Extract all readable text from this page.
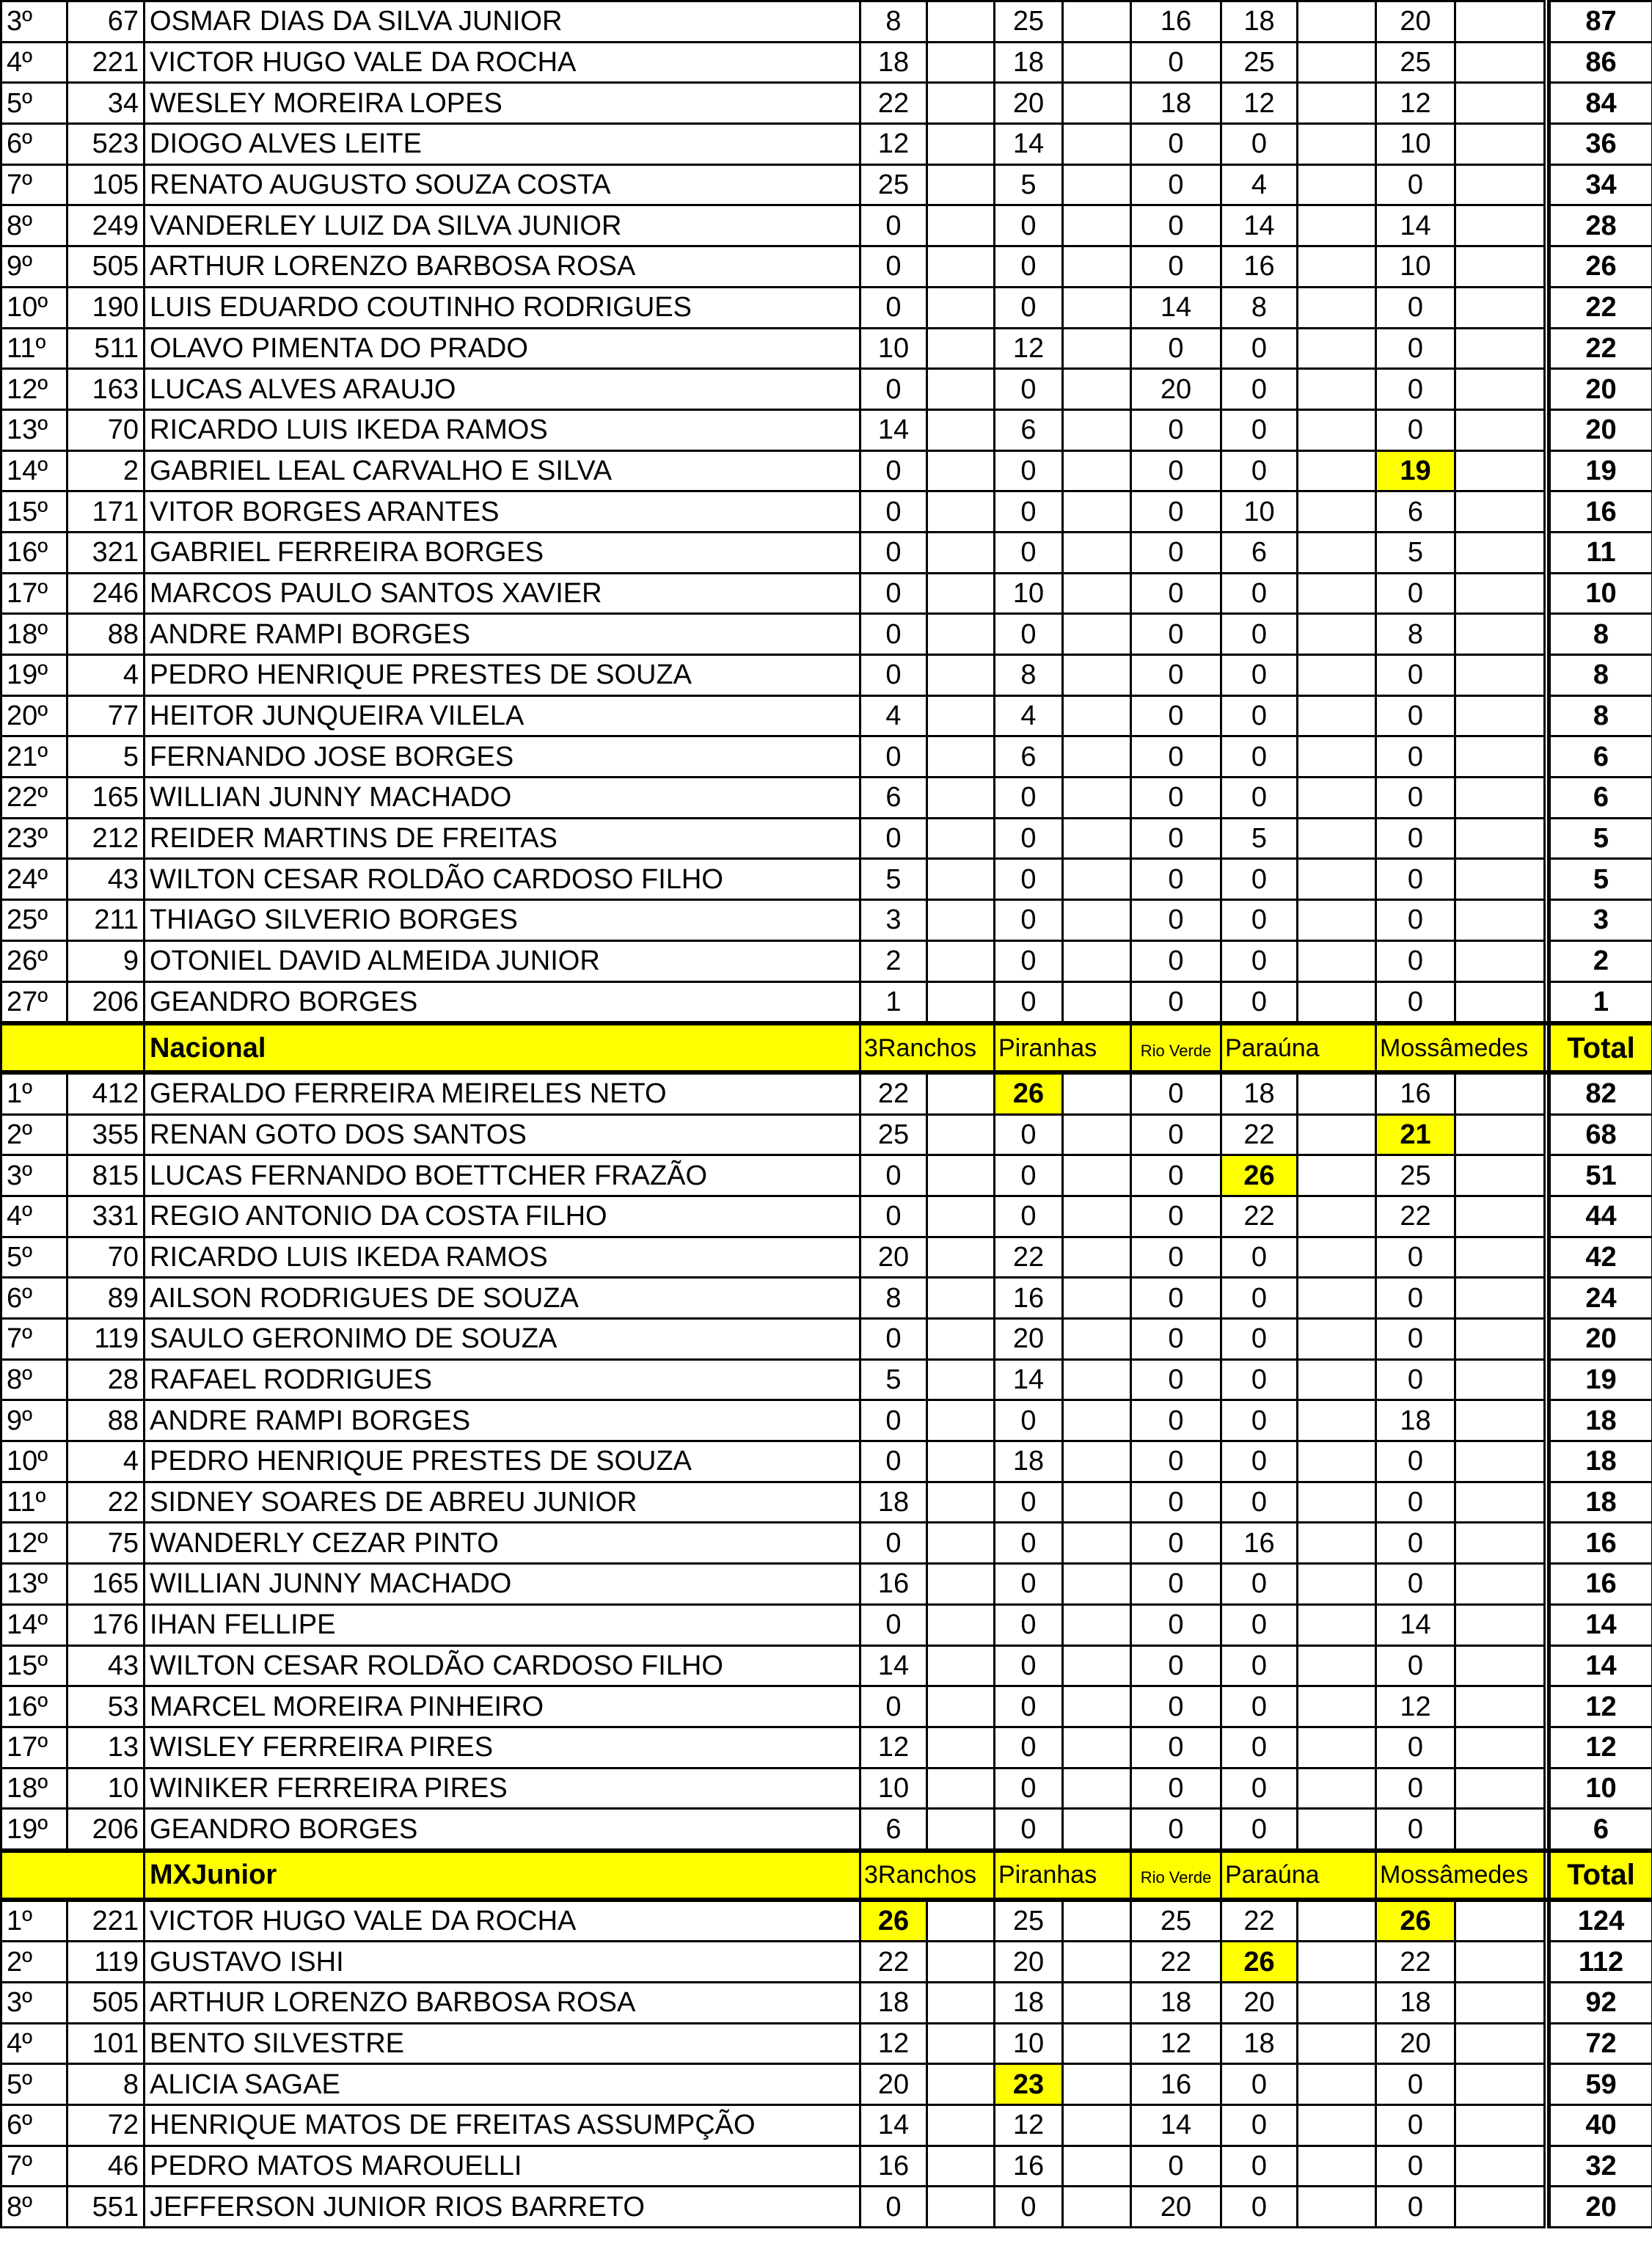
3º	67	OSMAR DIAS DA SILVA JUNIOR	8		25		16	18		20			87
4º	221	VICTOR HUGO VALE DA ROCHA	18		18		0	25		25			86
5º	34	WESLEY MOREIRA LOPES	22		20		18	12		12			84
6º	523	DIOGO ALVES LEITE	12		14		0	0		10			36
7º	105	RENATO AUGUSTO SOUZA COSTA	25		5		0	4		0			34
8º	249	VANDERLEY LUIZ DA SILVA JUNIOR	0		0		0	14		14			28
9º	505	ARTHUR LORENZO BARBOSA ROSA	0		0		0	16		10			26
10º	190	LUIS EDUARDO COUTINHO RODRIGUES	0		0		14	8		0			22
11º	511	OLAVO PIMENTA DO PRADO	10		12		0	0		0			22
12º	163	LUCAS ALVES ARAUJO	0		0		20	0		0			20
13º	70	RICARDO LUIS IKEDA RAMOS	14		6		0	0		0			20
14º	2	GABRIEL LEAL CARVALHO E SILVA	0		0		0	0		19			19
15º	171	VITOR BORGES ARANTES	0		0		0	10		6			16
16º	321	GABRIEL FERREIRA BORGES	0		0		0	6		5			11
17º	246	MARCOS PAULO SANTOS XAVIER	0		10		0	0		0			10
18º	88	ANDRE RAMPI BORGES	0		0		0	0		8			8
19º	4	PEDRO HENRIQUE PRESTES DE SOUZA	0		8		0	0		0			8
20º	77	HEITOR JUNQUEIRA VILELA	4		4		0	0		0			8
21º	5	FERNANDO JOSE BORGES	0		6		0	0		0			6
22º	165	WILLIAN JUNNY MACHADO	6		0		0	0		0			6
23º	212	REIDER MARTINS DE FREITAS	0		0		0	5		0			5
24º	43	WILTON CESAR ROLDÃO CARDOSO FILHO	5		0		0	0		0			5
25º	211	THIAGO SILVERIO BORGES	3		0		0	0		0			3
26º	9	OTONIEL DAVID ALMEIDA JUNIOR	2		0		0	0		0			2
27º	206	GEANDRO BORGES	1		0		0	0		0			1
		Nacional	3Ranchos		Piranhas		Rio Verde	Paraúna		Mossâmedes			Total
1º	412	GERALDO FERREIRA MEIRELES NETO	22		26		0	18		16			82
2º	355	RENAN GOTO DOS SANTOS	25		0		0	22		21			68
3º	815	LUCAS FERNANDO BOETTCHER FRAZÃO	0		0		0	26		25			51
4º	331	REGIO ANTONIO DA COSTA FILHO	0		0		0	22		22			44
5º	70	RICARDO LUIS IKEDA RAMOS	20		22		0	0		0			42
6º	89	AILSON RODRIGUES DE SOUZA	8		16		0	0		0			24
7º	119	SAULO GERONIMO DE SOUZA	0		20		0	0		0			20
8º	28	RAFAEL RODRIGUES	5		14		0	0		0			19
9º	88	ANDRE RAMPI BORGES	0		0		0	0		18			18
10º	4	PEDRO HENRIQUE PRESTES DE SOUZA	0		18		0	0		0			18
11º	22	SIDNEY SOARES DE ABREU JUNIOR	18		0		0	0		0			18
12º	75	WANDERLY CEZAR PINTO	0		0		0	16		0			16
13º	165	WILLIAN JUNNY MACHADO	16		0		0	0		0			16
14º	176	IHAN FELLIPE	0		0		0	0		14			14
15º	43	WILTON CESAR ROLDÃO CARDOSO FILHO	14		0		0	0		0			14
16º	53	MARCEL MOREIRA PINHEIRO	0		0		0	0		12			12
17º	13	WISLEY FERREIRA PIRES	12		0		0	0		0			12
18º	10	WINIKER FERREIRA PIRES	10		0		0	0		0			10
19º	206	GEANDRO BORGES	6		0		0	0		0			6
		MXJunior	3Ranchos		Piranhas		Rio Verde	Paraúna		Mossâmedes			Total
1º	221	VICTOR HUGO VALE DA ROCHA	26		25		25	22		26			124
2º	119	GUSTAVO ISHI	22		20		22	26		22			112
3º	505	ARTHUR LORENZO BARBOSA ROSA	18		18		18	20		18			92
4º	101	BENTO SILVESTRE	12		10		12	18		20			72
5º	8	ALICIA SAGAE	20		23		16	0		0			59
6º	72	HENRIQUE MATOS DE FREITAS ASSUMPÇÃO	14		12		14	0		0			40
7º	46	PEDRO MATOS MAROUELLI	16		16		0	0		0			32
8º	551	JEFFERSON JUNIOR RIOS BARRETO	0		0		20	0		0			20
